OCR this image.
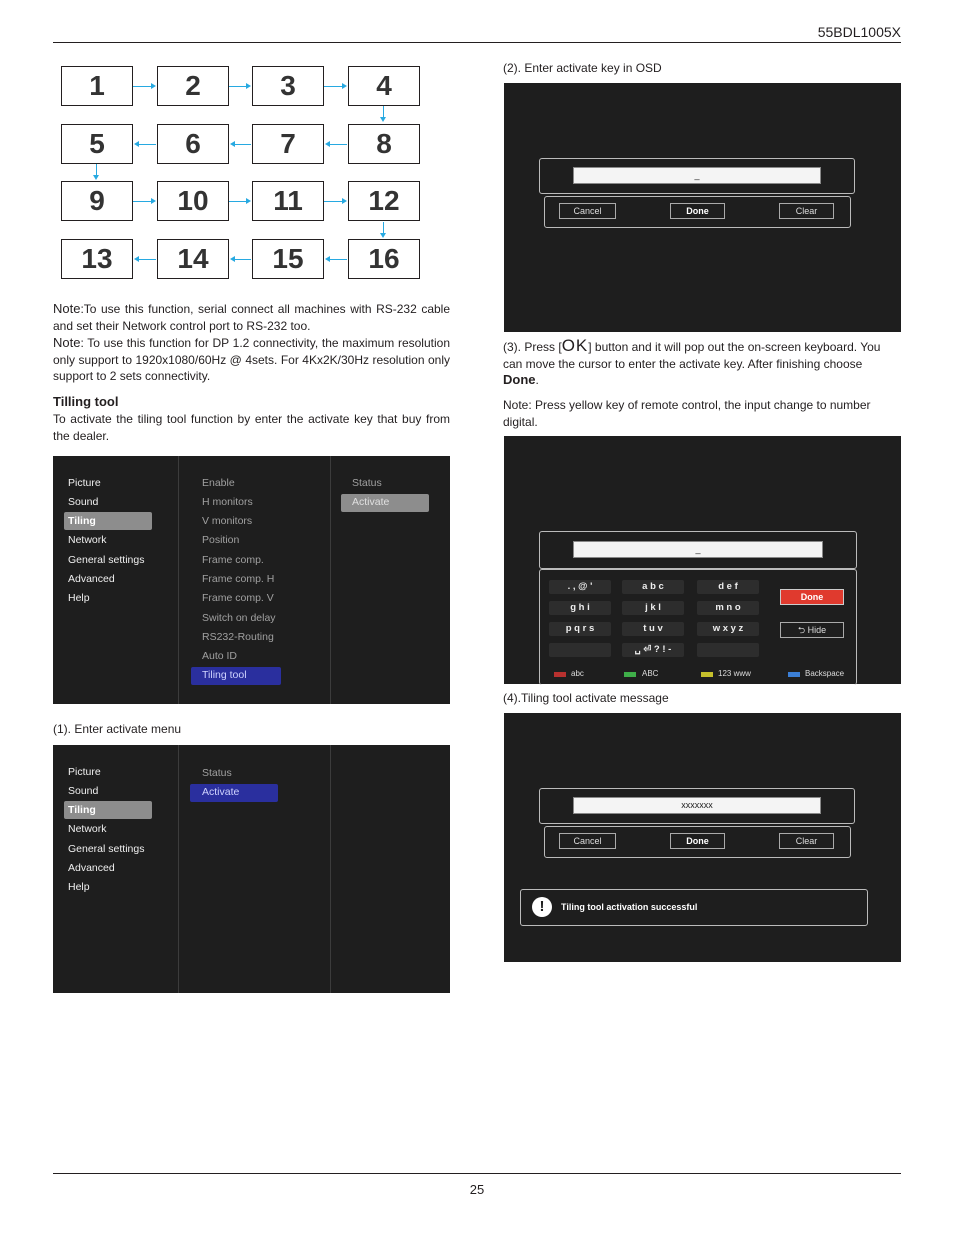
55BDL1005X
25
1	2	3	4
5	6	7	8
9	10	11	12
13	14	15	16
Note:To use this function, serial connect all machines with RS-232 cable and set their Network control port to RS-232 too.
Note: To use this function for DP 1.2 connectivity, the maximum resolution only support to 1920x1080/60Hz @ 4sets. For 4Kx2K/30Hz resolution only support to 2 sets connectivity.
Tilling tool
To activate the tiling tool function by enter the activate key that buy from the dealer.
Picture
Sound
Tiling
Network
General settings
Advanced
Help
Enable
H monitors
V monitors
Position
Frame comp.
Frame comp. H
Frame comp. V
Switch on delay
RS232-Routing
Auto ID
Tiling tool
Status
Activate
(1). Enter activate menu
Picture
Sound
Tiling
Network
General settings
Advanced
Help
Status
Activate
(2). Enter activate key in OSD
_
Cancel	Done	Clear
(3). Press [OK] button and it will pop out the on-screen keyboard. You can move the cursor to enter the activate key. After finishing choose Done.
Note: Press yellow key of remote control, the input change to number digital.
_
. , @ '	a b c	d e f
g h i	j k l	m n o
p q r s	t u v	w x y z
␣ ⏎ ? ! -
Done
⮌ Hide
abc	ABC	123 www	Backspace
(4).Tiling tool activate message
xxxxxxx
Cancel	Done	Clear
!	Tiling tool activation successful
